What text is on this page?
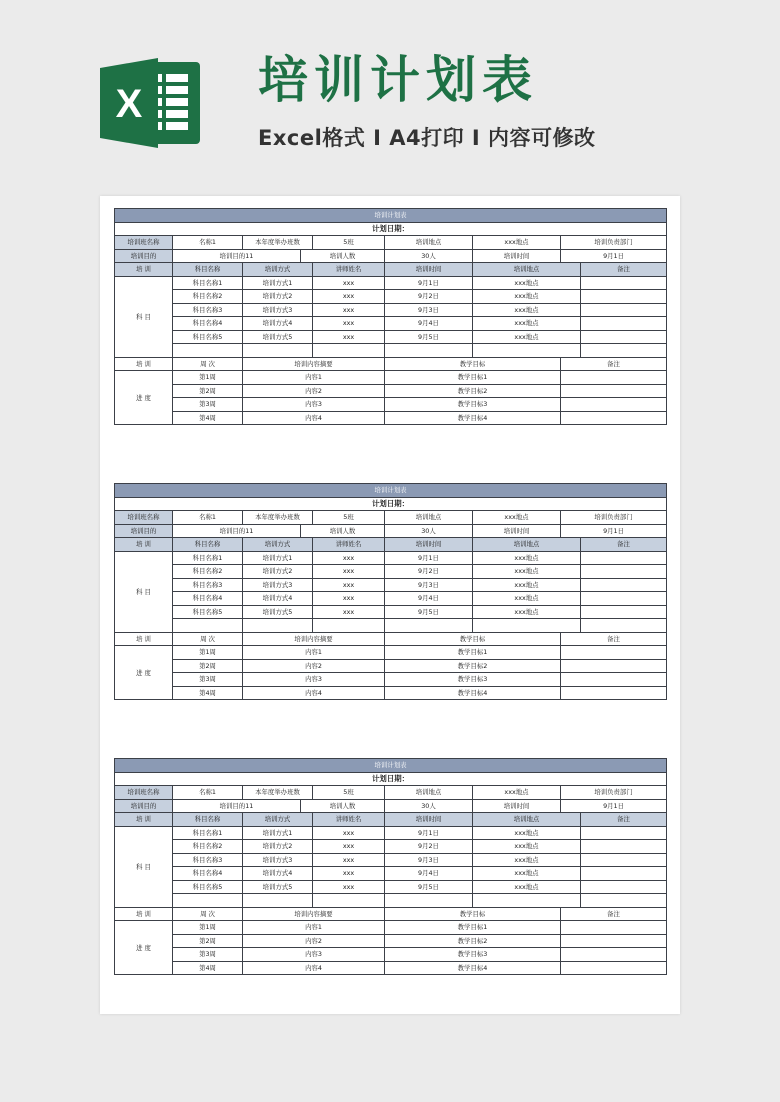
X 培训计划表
Excel格式 I A4打印 I 内容可修改
培训计划表									
计划日期：									
培训班名称	名称1	本年度举办班数		5班	培训地点	xxx地点	培训负责部门	
培训目的	培训目的11		培训人数		30人	培训时间	9月1日		
培 训	科目名称	培训方式		讲师姓名	培训时间	培训地点		备注	
科 目	科目名称1	培训方式1		xxx	9月1日	xxx地点			
	科目名称2	培训方式2		xxx	9月2日	xxx地点			
	科目名称3	培训方式3		xxx	9月3日	xxx地点			
	科目名称4	培训方式4		xxx	9月4日	xxx地点			
	科目名称5	培训方式5		xxx	9月5日	xxx地点			

培 训	周 次	培训内容摘要			教学目标		备注		
进 度	第1周	内容1			教学目标1				
	第2周	内容2			教学目标2				
	第3周	内容3			教学目标3				
	第4周	内容4			教学目标4				
培训计划表									
计划日期：									
培训班名称	名称1	本年度举办班数		5班	培训地点	xxx地点	培训负责部门	
培训目的	培训目的11		培训人数		30人	培训时间	9月1日		
培 训	科目名称	培训方式		讲师姓名	培训时间	培训地点		备注	
科 目	科目名称1	培训方式1		xxx	9月1日	xxx地点			
	科目名称2	培训方式2		xxx	9月2日	xxx地点			
	科目名称3	培训方式3		xxx	9月3日	xxx地点			
	科目名称4	培训方式4		xxx	9月4日	xxx地点			
	科目名称5	培训方式5		xxx	9月5日	xxx地点			

培 训	周 次	培训内容摘要			教学目标		备注		
进 度	第1周	内容1			教学目标1				
	第2周	内容2			教学目标2				
	第3周	内容3			教学目标3				
	第4周	内容4			教学目标4				
培训计划表									
计划日期：									
培训班名称	名称1	本年度举办班数		5班	培训地点	xxx地点	培训负责部门	
培训目的	培训目的11		培训人数		30人	培训时间	9月1日		
培 训	科目名称	培训方式		讲师姓名	培训时间	培训地点		备注	
科 目	科目名称1	培训方式1		xxx	9月1日	xxx地点			
	科目名称2	培训方式2		xxx	9月2日	xxx地点			
	科目名称3	培训方式3		xxx	9月3日	xxx地点			
	科目名称4	培训方式4		xxx	9月4日	xxx地点			
	科目名称5	培训方式5		xxx	9月5日	xxx地点			

培 训	周 次	培训内容摘要			教学目标		备注		
进 度	第1周	内容1			教学目标1				
	第2周	内容2			教学目标2				
	第3周	内容3			教学目标3				
	第4周	内容4			教学目标4				
